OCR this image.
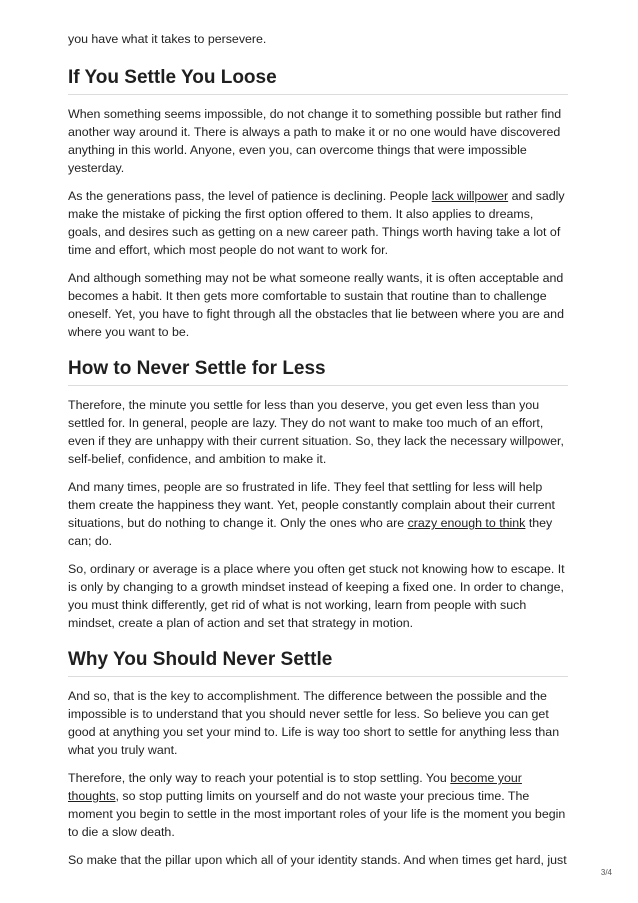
you have what it takes to persevere.

If You Settle You Loose

When something seems impossible, do not change it to something possible but rather find another way around it. There is always a path to make it or no one would have discovered anything in this world. Anyone, even you, can overcome things that were impossible yesterday.

As the generations pass, the level of patience is declining. People lack willpower and sadly make the mistake of picking the first option offered to them. It also applies to dreams, goals, and desires such as getting on a new career path. Things worth having take a lot of time and effort, which most people do not want to work for.

And although something may not be what someone really wants, it is often acceptable and becomes a habit. It then gets more comfortable to sustain that routine than to challenge oneself. Yet, you have to fight through all the obstacles that lie between where you are and where you want to be.

How to Never Settle for Less

Therefore, the minute you settle for less than you deserve, you get even less than you settled for. In general, people are lazy. They do not want to make too much of an effort, even if they are unhappy with their current situation. So, they lack the necessary willpower, self-belief, confidence, and ambition to make it.

And many times, people are so frustrated in life. They feel that settling for less will help them create the happiness they want. Yet, people constantly complain about their current situations, but do nothing to change it. Only the ones who are crazy enough to think they can; do.

So, ordinary or average is a place where you often get stuck not knowing how to escape. It is only by changing to a growth mindset instead of keeping a fixed one. In order to change, you must think differently, get rid of what is not working, learn from people with such mindset, create a plan of action and set that strategy in motion.

Why You Should Never Settle

And so, that is the key to accomplishment. The difference between the possible and the impossible is to understand that you should never settle for less. So believe you can get good at anything you set your mind to. Life is way too short to settle for anything less than what you truly want.

Therefore, the only way to reach your potential is to stop settling. You become your thoughts, so stop putting limits on yourself and do not waste your precious time. The moment you begin to settle in the most important roles of your life is the moment you begin to die a slow death.

So make that the pillar upon which all of your identity stands. And when times get hard, just

3/4
